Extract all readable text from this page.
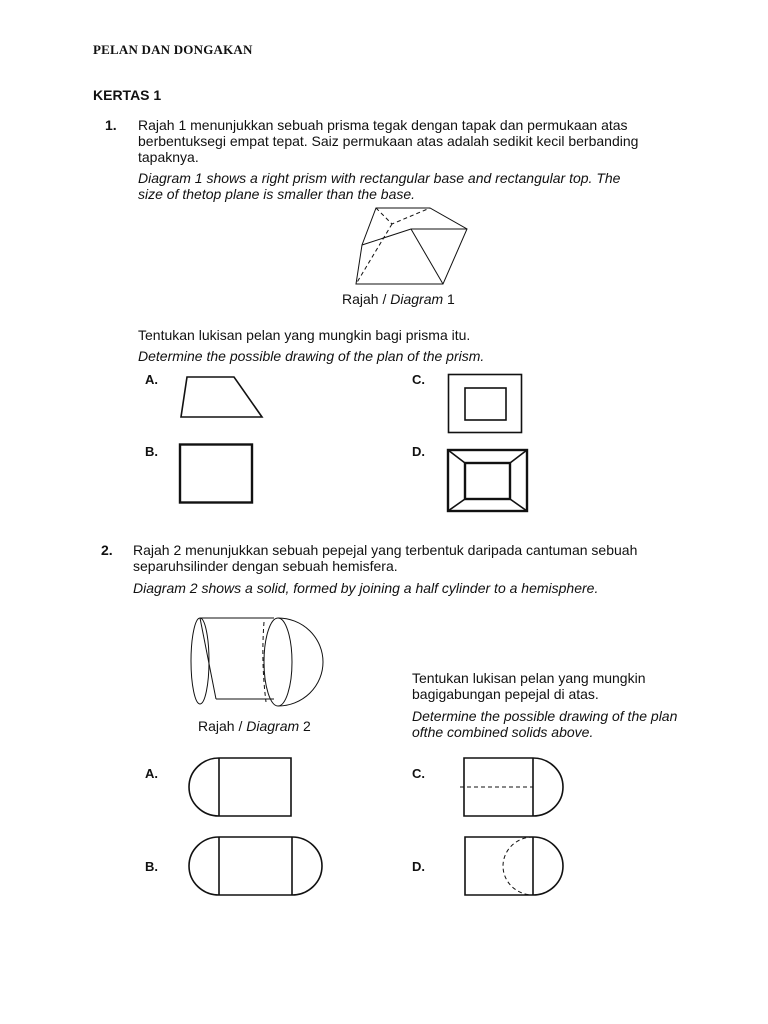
PELAN DAN DONGAKAN
KERTAS 1
1. Rajah 1 menunjukkan sebuah prisma tegak dengan tapak dan permukaan atas berbentuksegi empat tepat. Saiz permukaan atas adalah sedikit kecil berbanding tapaknya.
Diagram 1 shows a right prism with rectangular base and rectangular top. The size of thetop plane is smaller than the base.
Rajah / Diagram 1
Tentukan lukisan pelan yang mungkin bagi prisma itu.
Determine the possible drawing of the plan of the prism.
A.	C.
B.	D.
2. Rajah 2 menunjukkan sebuah pepejal yang terbentuk daripada cantuman sebuah separuhsilinder dengan sebuah hemisfera.
Diagram 2 shows a solid, formed by joining a half cylinder to a hemisphere.
Rajah / Diagram 2
Tentukan lukisan pelan yang mungkin bagigabungan pepejal di atas.
Determine the possible drawing of the plan ofthe combined solids above.
A.	C.
B.	D.
